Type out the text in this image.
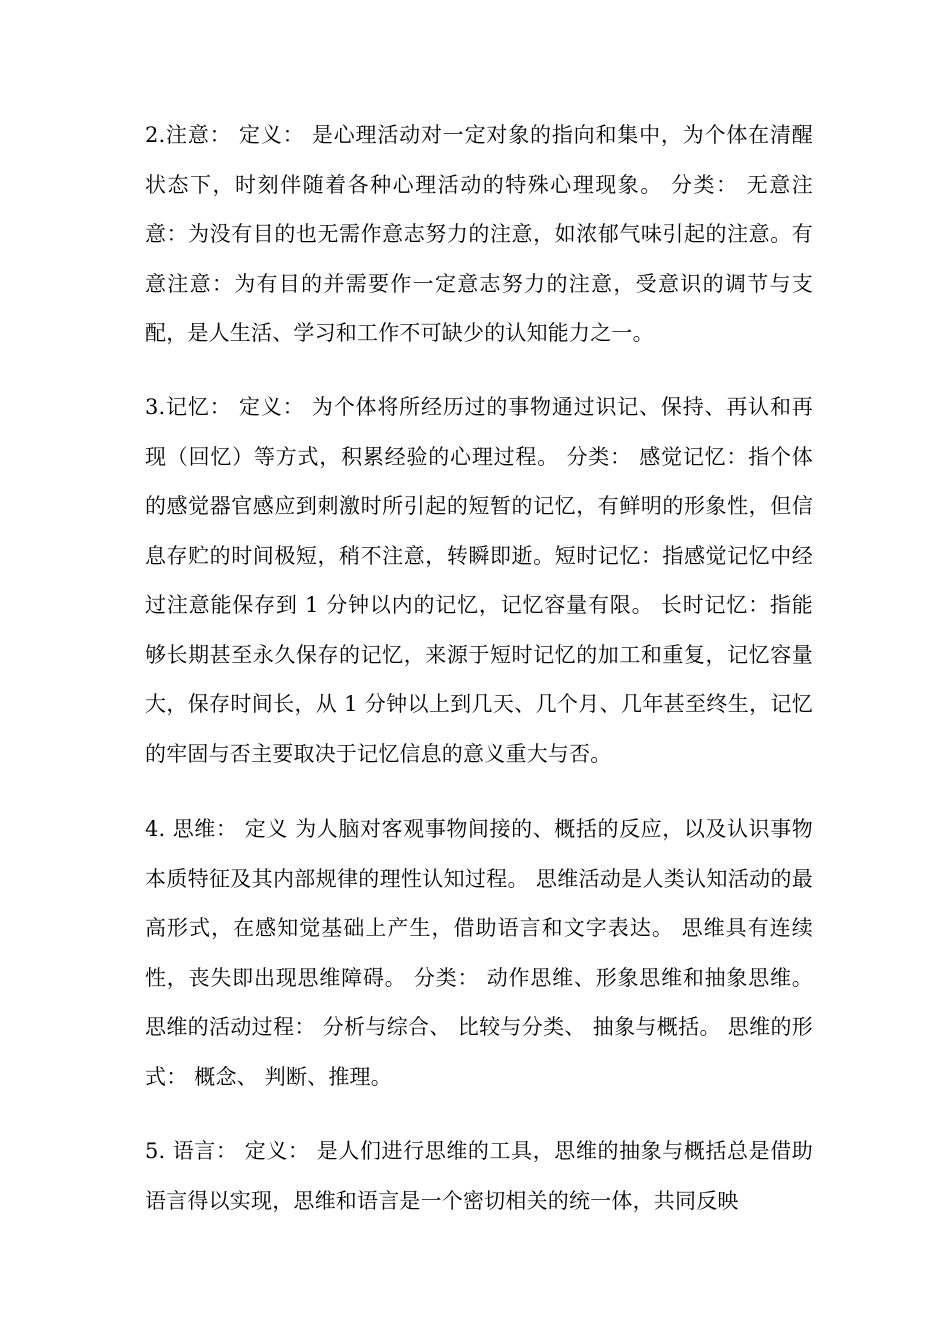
2.注意： 定义： 是心理活动对一定对象的指向和集中，为个体在清醒状态下，时刻伴随着各种心理活动的特殊心理现象。 分类： 无意注意：为没有目的也无需作意志努力的注意，如浓郁气味引起的注意。有意注意：为有目的并需要作一定意志努力的注意，受意识的调节与支配，是人生活、学习和工作不可缺少的认知能力之一。

3.记忆： 定义： 为个体将所经历过的事物通过识记、保持、再认和再现（回忆）等方式，积累经验的心理过程。 分类： 感觉记忆：指个体的感觉器官感应到刺激时所引起的短暂的记忆，有鲜明的形象性，但信息存贮的时间极短，稍不注意，转瞬即逝。短时记忆：指感觉记忆中经过注意能保存到 1 分钟以内的记忆，记忆容量有限。 长时记忆：指能够长期甚至永久保存的记忆，来源于短时记忆的加工和重复，记忆容量大，保存时间长，从 1 分钟以上到几天、几个月、几年甚至终生，记忆的牢固与否主要取决于记忆信息的意义重大与否。

4. 思维： 定义 为人脑对客观事物间接的、概括的反应，以及认识事物本质特征及其内部规律的理性认知过程。 思维活动是人类认知活动的最高形式，在感知觉基础上产生，借助语言和文字表达。 思维具有连续性，丧失即出现思维障碍。 分类： 动作思维、形象思维和抽象思维。思维的活动过程： 分析与综合、 比较与分类、 抽象与概括。 思维的形式： 概念、 判断、推理。

5. 语言： 定义： 是人们进行思维的工具，思维的抽象与概括总是借助语言得以实现，思维和语言是一个密切相关的统一体，共同反映
